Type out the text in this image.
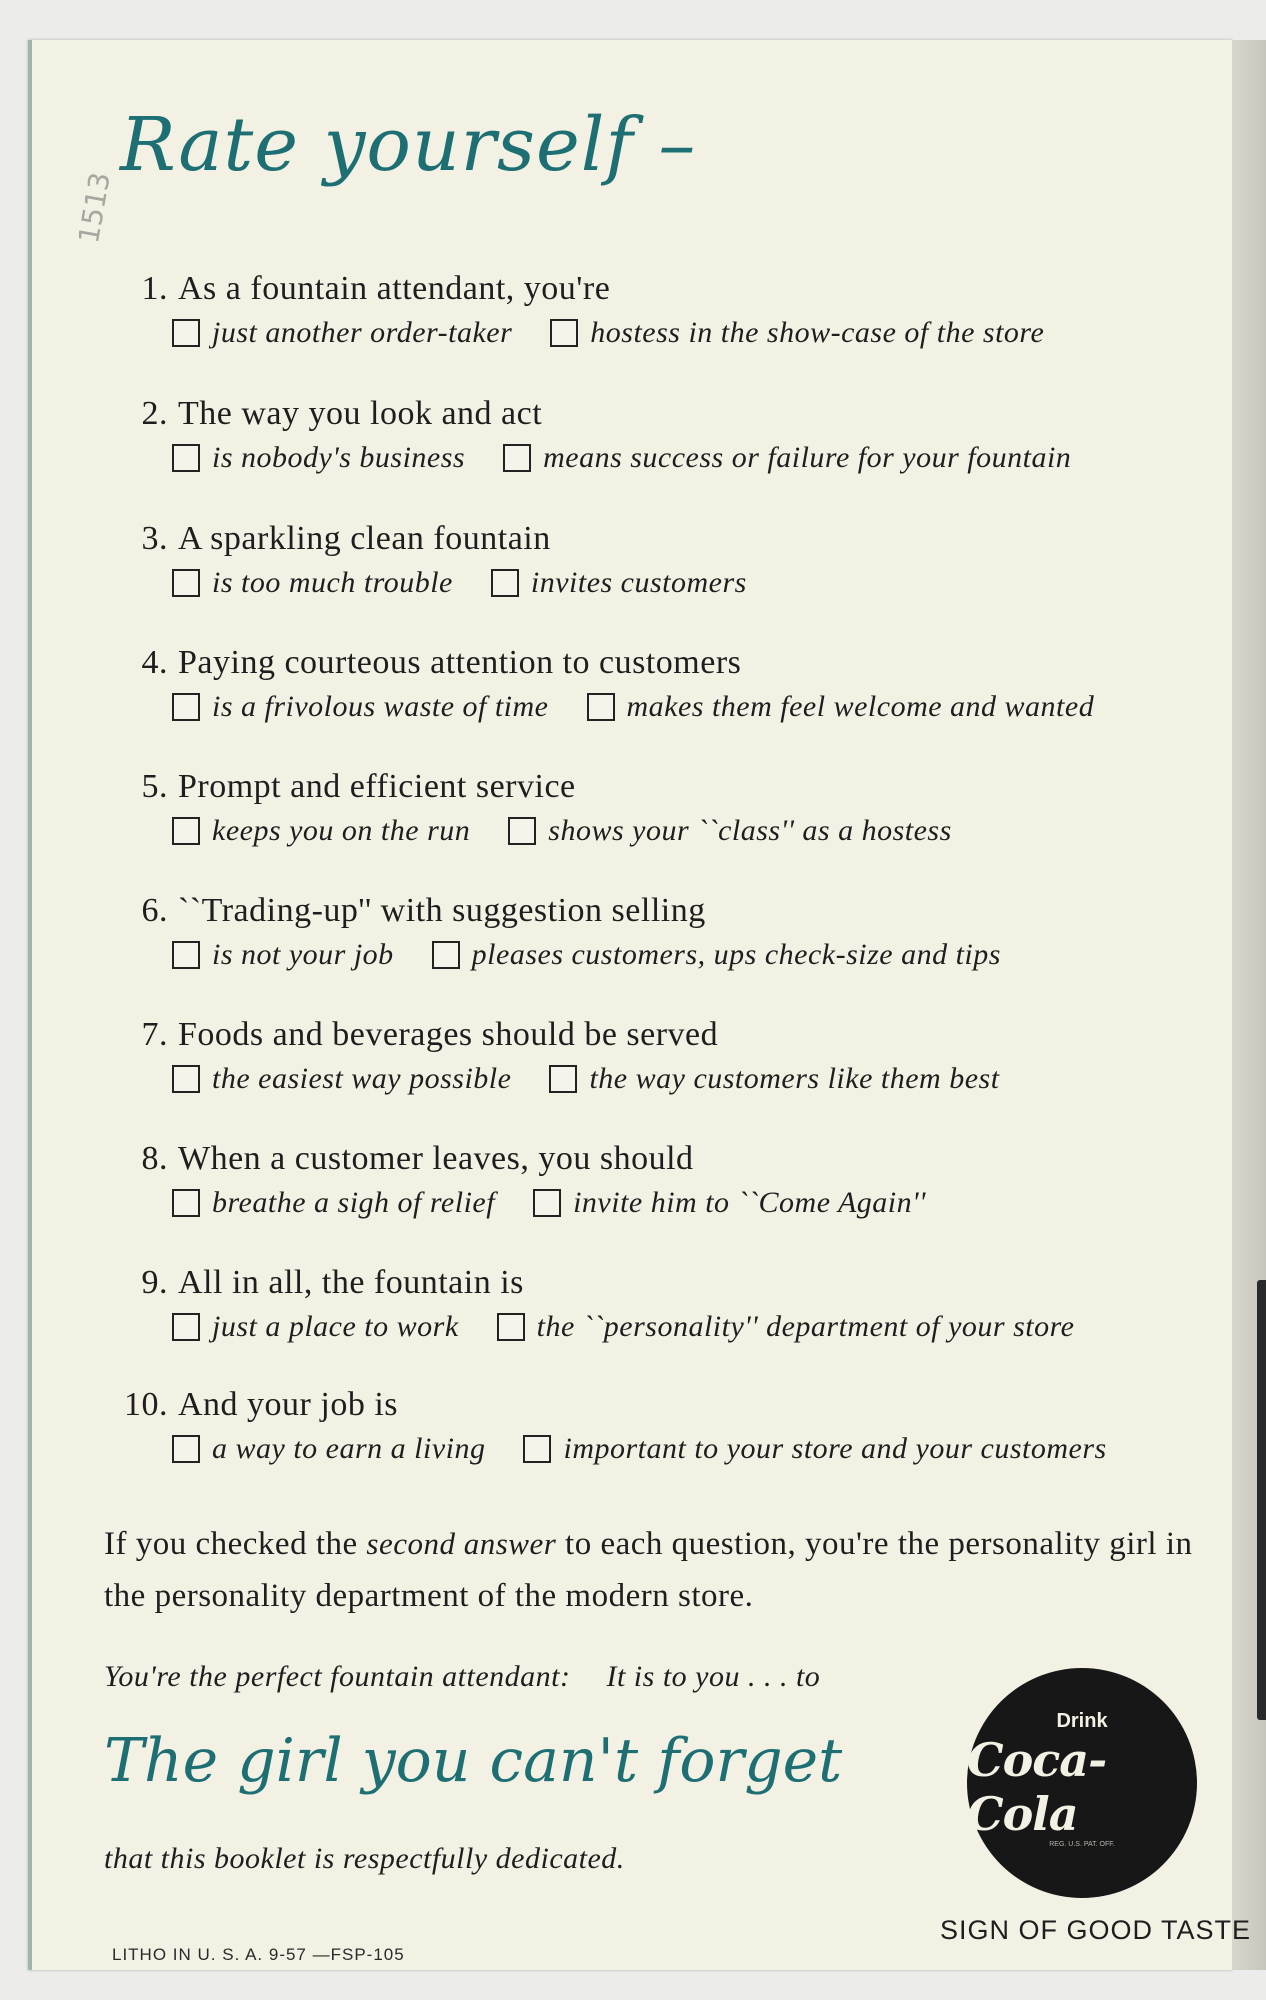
Rate yourself –
1513
1. As a fountain attendant, you're
just another order-taker	hostess in the show-case of the store
2. The way you look and act
is nobody's business	means success or failure for your fountain
3. A sparkling clean fountain
is too much trouble	invites customers
4. Paying courteous attention to customers
is a frivolous waste of time	makes them feel welcome and wanted
5. Prompt and efficient service
keeps you on the run	shows your ``class'' as a hostess
6. ``Trading-up'' with suggestion selling
is not your job	pleases customers, ups check-size and tips
7. Foods and beverages should be served
the easiest way possible	the way customers like them best
8. When a customer leaves, you should
breathe a sigh of relief	invite him to ``Come Again''
9. All in all, the fountain is
just a place to work	the ``personality'' department of your store
10. And your job is
a way to earn a living	important to your store and your customers
If you checked the second answer to each question, you're the personality girl in the personality department of the modern store.
You're the perfect fountain attendant: It is to you . . . to
The girl you can't forget
that this booklet is respectfully dedicated.
Drink
Coca-Cola
REG. U.S. PAT. OFF.
SIGN OF GOOD TASTE
LITHO IN U. S. A. 9-57 —FSP-105
